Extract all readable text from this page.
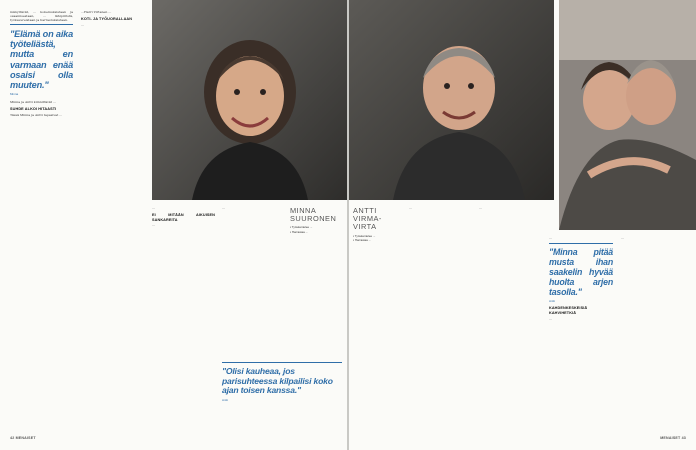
mänyttävät, ... kokemuksistaan ja osaamisestaan, ... lähipiiristä, työkavereistaan ja harrastuksistaan.

"Elämä on aika työteliästä, mutta en varmaan enää osaisi olla muuten."
Minna

Minna ja Antti kiinnittävät ...

SUHDE ALKOI HITAASTI

Tässä Minna ja Antti tapasivat ...

...Harri Virtanen ...

KOTI- JA TYÖUORALLAAN

...

...

EI MITÄÄN AIKUISEN SANKAREITA

...

...	MINNA
SUURONEN
▪ Työskentelee ...
▪ Harrastaa ...
"Olisi kauheaa, jos parisuhteessa kilpailisi koko ajan toisen kanssa."
Antti
42 MENAISET
ANTTI
VIRMA-
VIRTA
▪ Työskentelee ...
▪ Harrastaa ...

...	...

...

"Minna pitää musta ihan saakelin hyvää huolta arjen tasolla."
Antti
KAHDENKESKEISIÄ KAHVIHETKIÄ

...

...

MENAISET 43
